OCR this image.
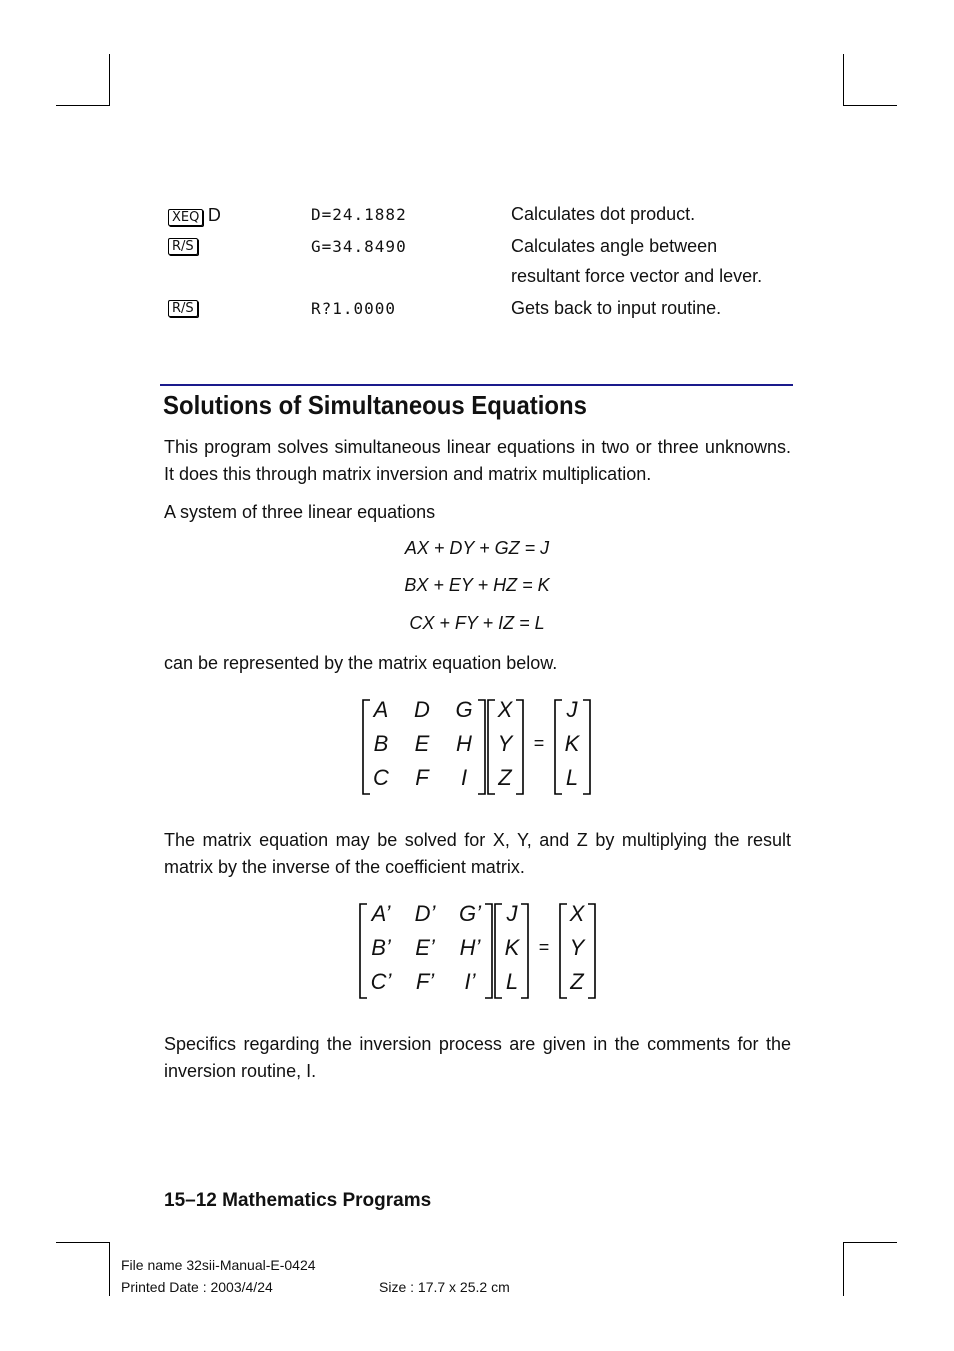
XEQ D	D=24.1882	Calculates dot product.
R/S	G=34.8490	Calculates angle between
resultant force vector and lever.
R/S	R?1.0000	Gets back to input routine.
Solutions of Simultaneous Equations
This program solves simultaneous linear equations in two or three unknowns. It does this through matrix inversion and matrix multiplication.
A system of three linear equations
AX + DY + GZ = J
BX + EY + HZ = K
CX + FY + IZ = L
can be represented by the matrix equation below.
A	D	G
B	E	H
C	F	I
X
Y
Z
=
J
K
L
The matrix equation may be solved for X, Y, and Z by multiplying the result matrix by the inverse of the coefficient matrix.
A’	D’	G’
B’	E’	H’
C’	F’	I’
J
K
L
=
X
Y
Z
Specifics regarding the inversion process are given in the comments for the inversion routine, I.
15–12 Mathematics Programs
File name 32sii-Manual-E-0424
Printed Date : 2003/4/24	Size : 17.7 x 25.2 cm
